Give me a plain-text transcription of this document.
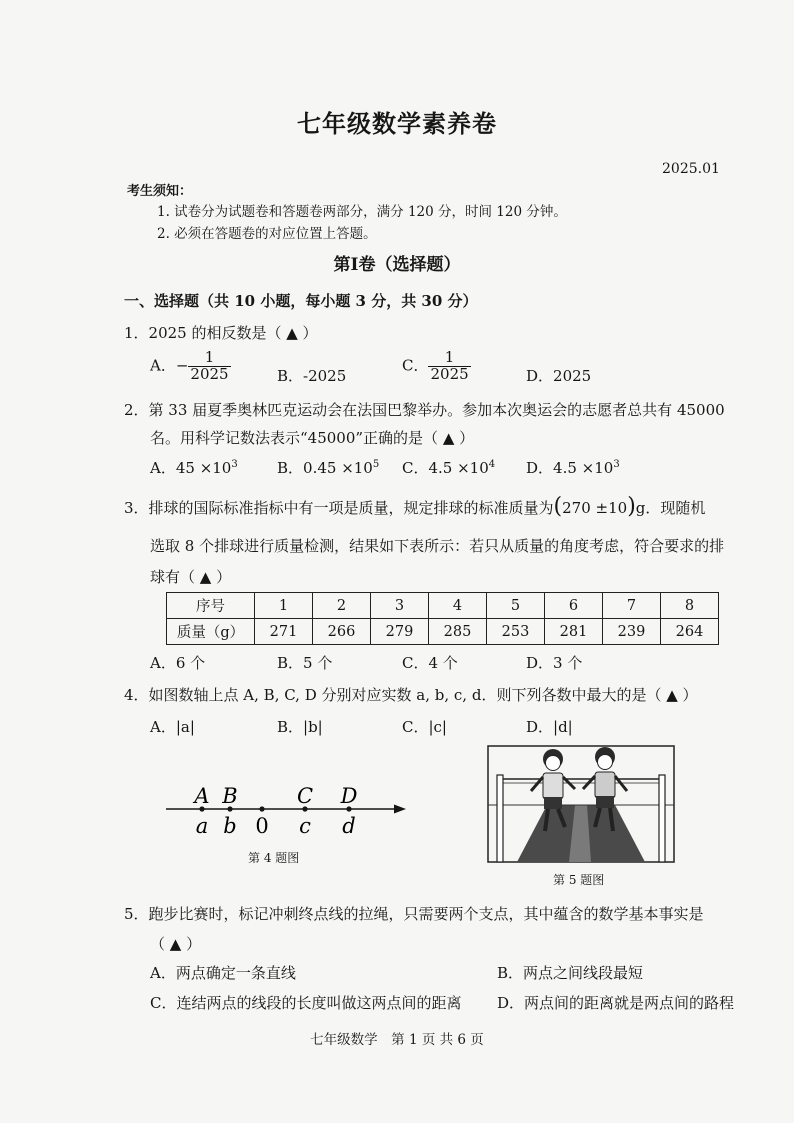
七年级数学素养卷
2025.01
考生须知：
1. 试卷分为试题卷和答题卷两部分，满分 120 分，时间 120 分钟。
2. 必须在答题卷的对应位置上答题。
第Ⅰ卷（选择题）
一、选择题（共 10 小题，每小题 3 分，共 30 分）
1．2025 的相反数是（ ▲ ）
A．− $\frac{1}{2025}$	B．-2025
C． $\frac{1}{2025}$	D．2025
2．第 33 届夏季奥林匹克运动会在法国巴黎举办。参加本次奥运会的志愿者总共有 45000
名。用科学记数法表示“45000”正确的是（ ▲ ）
A．$45 \times 10^3$	B．$0.45 \times 10^5$ C．$4.5 \times 10^4$ D．$4.5 \times 10^3$
3．排球的国际标准指标中有一项是质量，规定排球的标准质量为(270 ±10)g．现随机
选取 8 个排球进行质量检测，结果如下表所示：若只从质量的角度考虑，符合要求的排
球有（ ▲ ）
序号	1	2	3	4	5	6	7	8
质量（g）	271	266	279	285	253	281	239	264
A．6 个	B．5 个	C．4 个	D．3 个
4．如图数轴上点 A, B, C, D 分别对应实数 a, b, c, d．则下列各数中最大的是（ ▲ ）
A．|a|	B．|b|	C．|c|	D．|d|
A B	C D
a b 0 c d
第 4 题图
第 5 题图
5．跑步比赛时，标记冲刺终点线的拉绳，只需要两个支点，其中蕴含的数学基本事实是
（ ▲ ）
A．两点确定一条直线	B．两点之间线段最短
C．连结两点的线段的长度叫做这两点间的距离 D．两点间的距离就是两点间的路程
七年级数学　第 1 页 共 6 页
